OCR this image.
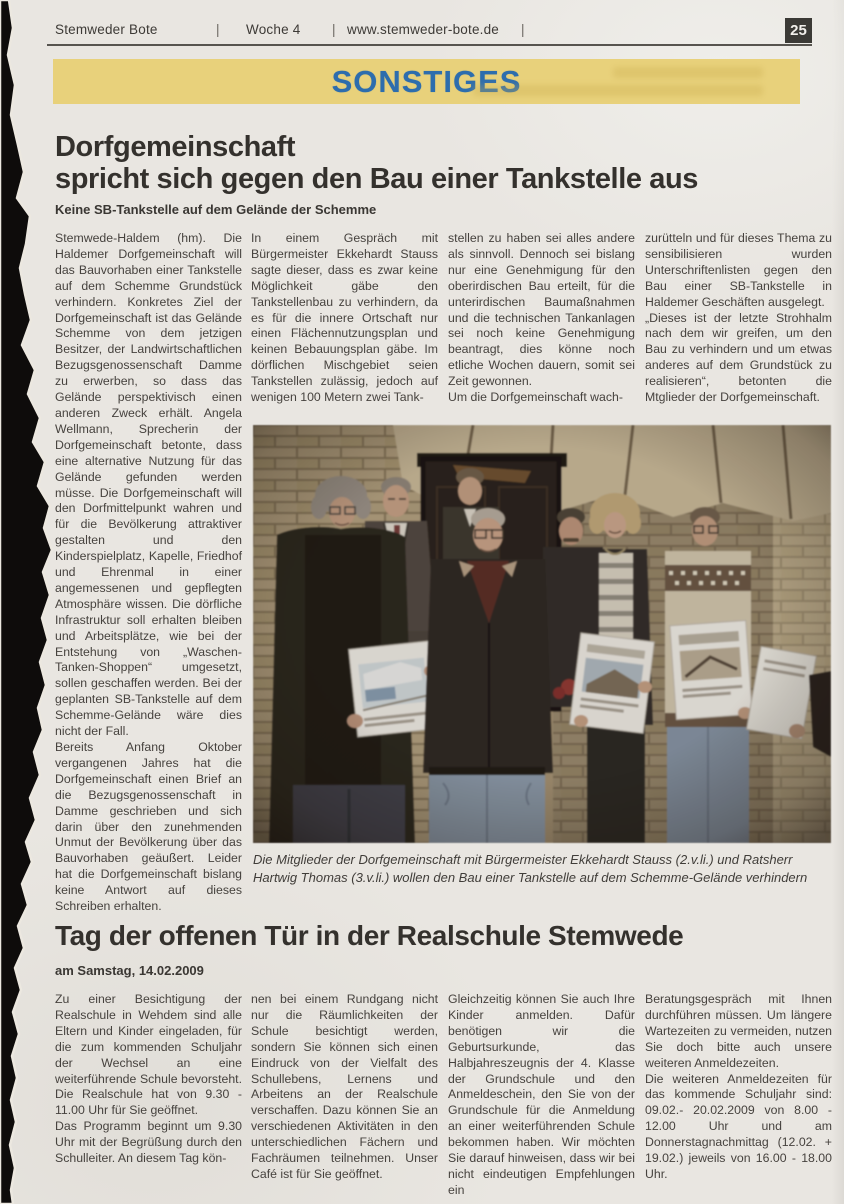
Stemweder Bote	| Woche 4 | www.stemweder-bote.de |	25
SONSTIGES
Dorfgemeinschaft
spricht sich gegen den Bau einer Tankstelle aus
Keine SB-Tankstelle auf dem Gelände der Schemme

Stemwede-Haldem (hm). Die Haldemer Dorfgemeinschaft will das Bauvorhaben einer Tankstelle auf dem Schemme Grundstück verhindern. Konkretes Ziel der Dorfgemeinschaft ist das Gelände Schemme von dem jetzigen Besitzer, der Landwirtschaftlichen Bezugsgenossenschaft Damme zu erwerben, so dass das Gelände perspektivisch einen anderen Zweck erhält. Angela Wellmann, Sprecherin der Dorfgemeinschaft betonte, dass eine alternative Nutzung für das Gelände gefunden werden müsse. Die Dorfgemeinschaft will den Dorfmittelpunkt wahren und für die Bevölkerung attraktiver gestalten und den Kinderspielplatz, Kapelle, Friedhof und Ehrenmal in einer angemessenen und gepflegten Atmosphäre wissen. Die dörfliche Infrastruktur soll erhalten bleiben und Arbeitsplätze, wie bei der Entstehung von „Waschen-Tanken-Shoppen“ umgesetzt, sollen geschaffen werden. Bei der geplanten SB-Tankstelle auf dem Schemme-Gelände wäre dies nicht der Fall.

Bereits Anfang Oktober vergangenen Jahres hat die Dorfgemeinschaft einen Brief an die Bezugsgenossenschaft in Damme geschrieben und sich darin über den zunehmenden Unmut der Bevölkerung über das Bauvorhaben geäußert. Leider hat die Dorfgemeinschaft bislang keine Antwort auf dieses Schreiben erhalten.

In einem Gespräch mit Bürgermeister Ekkehardt Stauss sagte dieser, dass es zwar keine Möglichkeit gäbe den Tankstellenbau zu verhindern, da es für die innere Ortschaft nur einen Flächennutzungsplan und keinen Bebauungsplan gäbe. Im dörflichen Mischgebiet seien Tankstellen zulässig, jedoch auf wenigen 100 Metern zwei Tank-

stellen zu haben sei alles andere als sinnvoll. Dennoch sei bislang nur eine Genehmigung für den oberirdischen Bau erteilt, für die unterirdischen Baumaßnahmen und die technischen Tankanlagen sei noch keine Genehmigung beantragt, dies könne noch etliche Wochen dauern, somit sei Zeit gewonnen.

Um die Dorfgemeinschaft wach-

zurütteln und für dieses Thema zu sensibilisieren wurden Unterschriftenlisten gegen den Bau einer SB-Tankstelle in Haldemer Geschäften ausgelegt.

„Dieses ist der letzte Strohhalm nach dem wir greifen, um den Bau zu verhindern und um etwas anderes auf dem Grundstück zu realisieren“, betonten die Mtglieder der Dorfgemeinschaft.

Die Mitglieder der Dorfgemeinschaft mit Bürgermeister Ekkehardt Stauss (2.v.li.) und Ratsherr Hartwig Thomas (3.v.li.) wollen den Bau einer Tankstelle auf dem Schemme-Gelände verhindern
Tag der offenen Tür in der Realschule Stemwede
am Samstag, 14.02.2009

Zu einer Besichtigung der Realschule in Wehdem sind alle Eltern und Kinder eingeladen, für die zum kommenden Schuljahr der Wechsel an eine weiterführende Schule bevorsteht. Die Realschule hat von 9.30 - 11.00 Uhr für Sie geöffnet.

Das Programm beginnt um 9.30 Uhr mit der Begrüßung durch den Schulleiter. An diesem Tag kön-

nen bei einem Rundgang nicht nur die Räumlichkeiten der Schule besichtigt werden, sondern Sie können sich einen Eindruck von der Vielfalt des Schullebens, Lernens und Arbeitens an der Realschule verschaffen. Dazu können Sie an verschiedenen Aktivitäten in den unterschiedlichen Fächern und Fachräumen teilnehmen. Unser Café ist für Sie geöffnet.

Gleichzeitig können Sie auch Ihre Kinder anmelden. Dafür benötigen wir die Geburtsurkunde, das Halbjahreszeugnis der 4. Klasse der Grundschule und den Anmeldeschein, den Sie von der Grundschule für die Anmeldung an einer weiterführenden Schule bekommen haben. Wir möchten Sie darauf hinweisen, dass wir bei nicht eindeutigen Empfehlungen ein

Beratungsgespräch mit Ihnen durchführen müssen. Um längere Wartezeiten zu vermeiden, nutzen Sie doch bitte auch unsere weiteren Anmeldezeiten.

Die weiteren Anmeldezeiten für das kommende Schuljahr sind: 09.02.- 20.02.2009 von 8.00 - 12.00 Uhr und am Donnerstagnachmittag (12.02. + 19.02.) jeweils von 16.00 - 18.00 Uhr.
